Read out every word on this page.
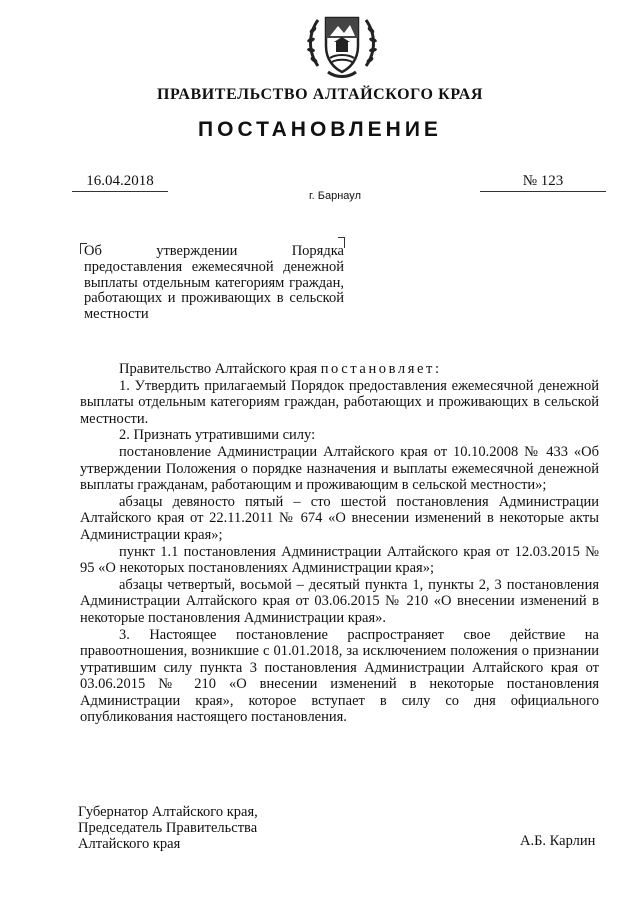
ПРАВИТЕЛЬСТВО АЛТАЙСКОГО КРАЯ
ПОСТАНОВЛЕНИЕ
16.04.2018	№ 123
г. Барнаул
Об утверждении Порядка предоставления ежемесячной денежной выплаты отдельным категориям граждан, работающих и проживающих в сельской местности

Правительство Алтайского края постановляет:

1. Утвердить прилагаемый Порядок предоставления ежемесячной денежной выплаты отдельным категориям граждан, работающих и проживающих в сельской местности.

2. Признать утратившими силу:

постановление Администрации Алтайского края от 10.10.2008 № 433 «Об утверждении Положения о порядке назначения и выплаты ежемесячной денежной выплаты гражданам, работающим и проживающим в сельской местности»;

абзацы девяносто пятый – сто шестой постановления Администрации Алтайского края от 22.11.2011 № 674 «О внесении изменений в некоторые акты Администрации края»;

пункт 1.1 постановления Администрации Алтайского края от 12.03.2015 № 95 «О некоторых постановлениях Администрации края»;

абзацы четвертый, восьмой – десятый пункта 1, пункты 2, 3 постановления Администрации Алтайского края от 03.06.2015 № 210 «О внесении изменений в некоторые постановления Администрации края».

3. Настоящее постановление распространяет свое действие на правоотношения, возникшие с 01.01.2018, за исключением положения о признании утратившим силу пункта 3 постановления Администрации Алтайского края от 03.06.2015 № 210 «О внесении изменений в некоторые постановления Администрации края», которое вступает в силу со дня официального опубликования настоящего постановления.

Губернатор Алтайского края,
Председатель Правительства
Алтайского края	А.Б. Карлин
